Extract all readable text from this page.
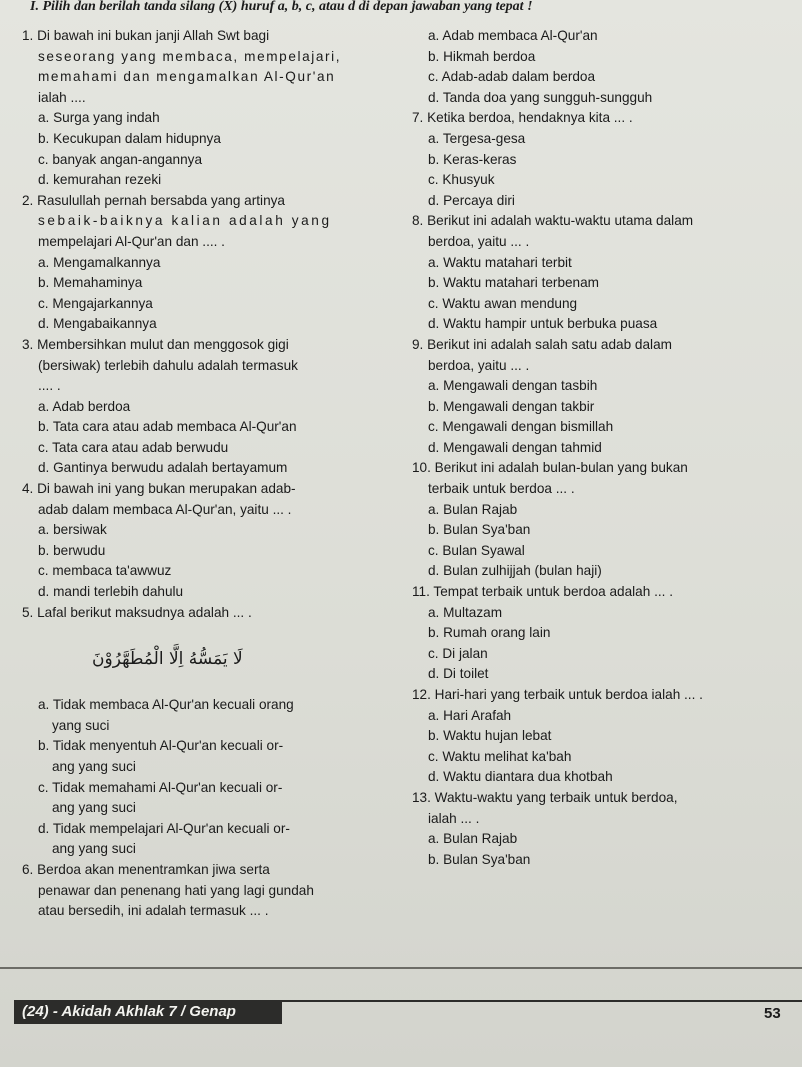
I. Pilih dan berilah tanda silang (X) huruf a, b, c, atau d di depan jawaban yang tepat !

1. Di bawah ini bukan janji Allah Swt bagi

seseorang yang membaca, mempelajari,

memahami dan mengamalkan Al-Qur'an

ialah ....

a. Surga yang indah

b. Kecukupan dalam hidupnya

c. banyak angan-angannya

d. kemurahan rezeki

2. Rasulullah pernah bersabda yang artinya

sebaik-baiknya kalian adalah yang

mempelajari Al-Qur'an dan .... .

a. Mengamalkannya

b. Memahaminya

c. Mengajarkannya

d. Mengabaikannya

3. Membersihkan mulut dan menggosok gigi

(bersiwak) terlebih dahulu adalah termasuk

.... .

a. Adab berdoa

b. Tata cara atau adab membaca Al-Qur'an

c. Tata cara atau adab berwudu

d. Gantinya berwudu adalah bertayamum

4. Di bawah ini yang bukan merupakan adab-

adab dalam membaca Al-Qur'an, yaitu ... .

a. bersiwak

b. berwudu

c. membaca ta'awwuz

d. mandi terlebih dahulu

5. Lafal berikut maksudnya adalah ... .

لَا يَمَسُّهُ اِلَّا الْمُطَهَّرُوْنَ

a. Tidak membaca Al-Qur'an kecuali orang

yang suci

b. Tidak menyentuh Al-Qur'an kecuali or-

ang yang suci

c. Tidak memahami Al-Qur'an kecuali or-

ang yang suci

d. Tidak mempelajari Al-Qur'an kecuali or-

ang yang suci

6. Berdoa akan menentramkan jiwa serta

penawar dan penenang hati yang lagi gundah

atau bersedih, ini adalah termasuk ... .

a. Adab membaca Al-Qur'an

b. Hikmah berdoa

c. Adab-adab dalam berdoa

d. Tanda doa yang sungguh-sungguh

7. Ketika berdoa, hendaknya kita ... .

a. Tergesa-gesa

b. Keras-keras

c. Khusyuk

d. Percaya diri

8. Berikut ini adalah waktu-waktu utama dalam

berdoa, yaitu ... .

a. Waktu matahari terbit

b. Waktu matahari terbenam

c. Waktu awan mendung

d. Waktu hampir untuk berbuka puasa

9. Berikut ini adalah salah satu adab dalam

berdoa, yaitu ... .

a. Mengawali dengan tasbih

b. Mengawali dengan takbir

c. Mengawali dengan bismillah

d. Mengawali dengan tahmid

10. Berikut ini adalah bulan-bulan yang bukan

terbaik untuk berdoa ... .

a. Bulan Rajab

b. Bulan Sya'ban

c. Bulan Syawal

d. Bulan zulhijjah (bulan haji)

11. Tempat terbaik untuk berdoa adalah ... .

a. Multazam

b. Rumah orang lain

c. Di jalan

d. Di toilet

12. Hari-hari yang terbaik untuk berdoa ialah ... .

a. Hari Arafah

b. Waktu hujan lebat

c. Waktu melihat ka'bah

d. Waktu diantara dua khotbah

13. Waktu-waktu yang terbaik untuk berdoa,

ialah ... .

a. Bulan Rajab

b. Bulan Sya'ban

(24) - Akidah Akhlak 7 / Genap	53
